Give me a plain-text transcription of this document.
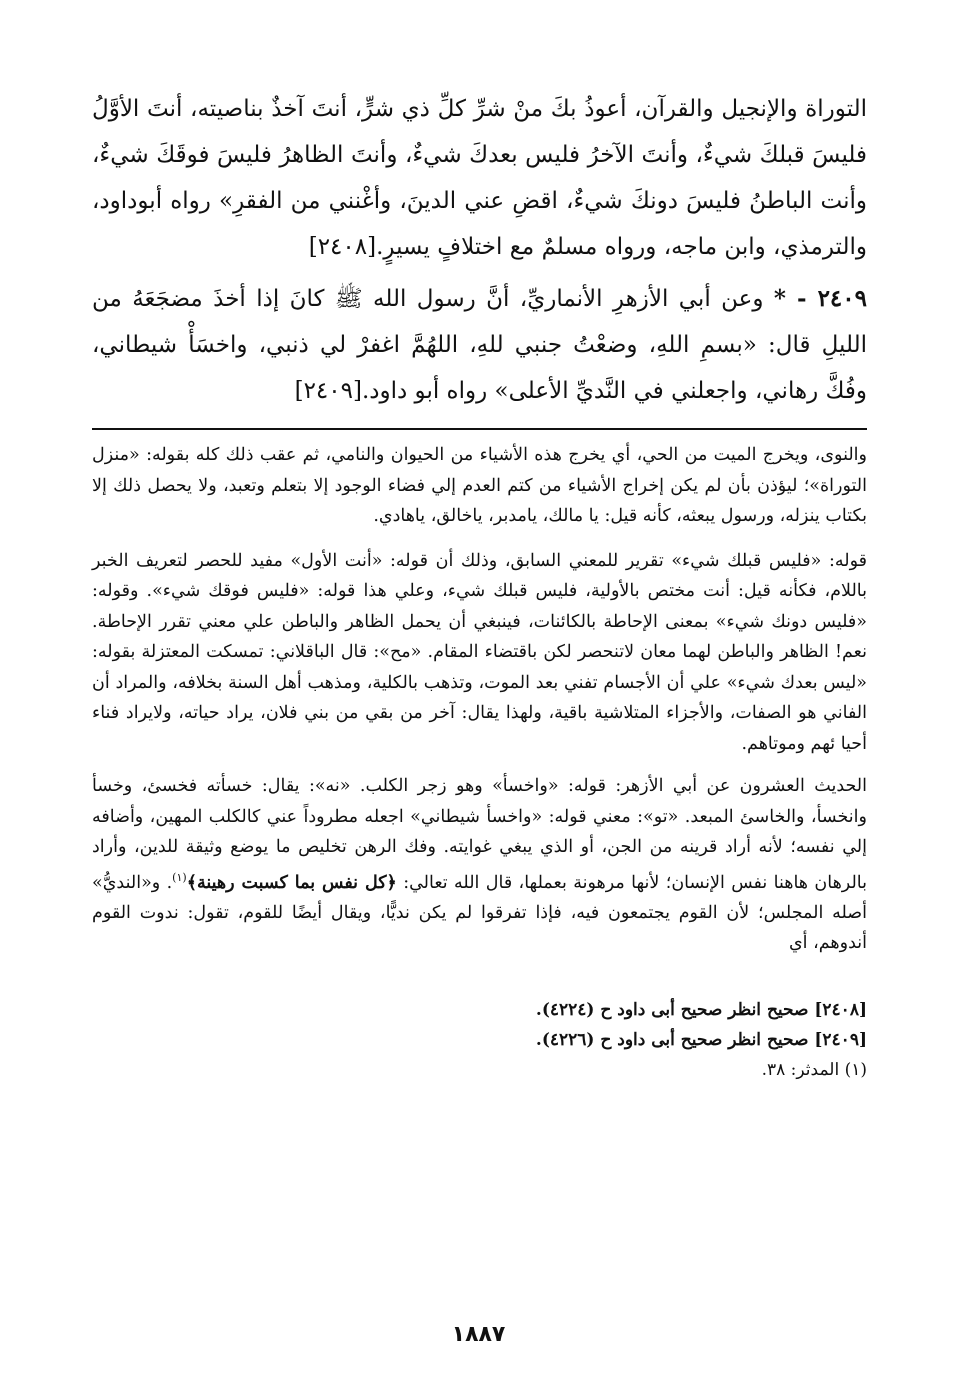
التوراة والإنجيل والقرآن، أعوذُ بكَ منْ شرِّ كلِّ ذي شرٍّ، أنتَ آخذٌ بناصيته، أنتَ الأوَّلُ فليسَ قبلكَ شيءٌ، وأنتَ الآخرُ فليس بعدكَ شيءٌ، وأنتَ الظاهرُ فليسَ فوقَكَ شيءٌ، وأنت الباطنُ فليسَ دونكَ شيءٌ، اقضِ عني الدينَ، وأغْنني من الفقرِ» رواه أبوداود، والترمذي، وابن ماجه، ورواه مسلمٌ مع اختلافٍ يسيرٍ.[٢٤٠٨]

٢٤٠٩ - * وعن أبي الأزهرِ الأنماريِّ، أنَّ رسول الله ﷺ كانَ إذا أخذَ مضجَعَهُ من الليلِ قال: «بسمِ اللهِ، وضعْتُ جنبي للهِ، اللهُمَّ اغفرْ لي ذنبي، واخسَأْ شيطاني، وفُكَّ رهاني، واجعلني في النَّديِّ الأعلى» رواه أبو داود.[٢٤٠٩]

والنوى، ويخرج الميت من الحي، أي يخرج هذه الأشياء من الحيوان والنامي، ثم عقب ذلك كله بقوله: «منزل التوراة»؛ ليؤذن بأن لم يكن إخراج الأشياء من كتم العدم إلي فضاء الوجود إلا بتعلم وتعبد، ولا يحصل ذلك إلا بكتاب ينزله، ورسول يبعثه، كأنه قيل: يا مالك، يامدبر، ياخالق، ياهادي.

قوله: «فليس قبلك شيء» تقرير للمعني السابق، وذلك أن قوله: «أنت الأول» مفيد للحصر لتعريف الخبر باللام، فكأنه قيل: أنت مختص بالأولية، فليس قبلك شيء، وعلي هذا قوله: «فليس فوقك شيء». وقوله: «فليس دونك شيء» بمعنى الإحاطة بالكائنات، فينبغي أن يحمل الظاهر والباطن علي معني تقرر الإحاطة. نعم! الظاهر والباطن لهما معان لاتنحصر لكن باقتضاء المقام. «مح»: قال الباقلاني: تمسكت المعتزلة بقوله: «ليس بعدك شيء» علي أن الأجسام تفني بعد الموت، وتذهب بالكلية، ومذهب أهل السنة بخلافه، والمراد أن الفاني هو الصفات، والأجزاء المتلاشية باقية، ولهذا يقال: آخر من بقي من بني فلان، يراد حياته، ولايراد فناء أحيا ئهم وموتاهم.

الحديث العشرون عن أبي الأزهر: قوله: «واخسأ» وهو زجر الكلب. «نه»: يقال: خسأته فخسئ، وخسأ وانخسأ، والخاسئ المبعد. «تو»: معني قوله: «واخسأ شيطاني» اجعله مطروداً عني كالكلب المهين، وأضافه إلي نفسه؛ لأنه أراد قرينه من الجن، أو الذي يبغي غوايته. وفك الرهن تخليص ما يوضع وثيقة للدين، وأراد بالرهان هاهنا نفس الإنسان؛ لأنها مرهونة بعملها، قال الله تعالي: ﴿كل نفس بما كسبت رهينة﴾$^{(١)}$. و«النديُّ» أصله المجلس؛ لأن القوم يجتمعون فيه، فإذا تفرقوا لم يكن نديًّا، ويقال أيضًا للقوم، تقول: ندوت القوم أندوهم، أي

[٢٤٠٨] صحيح انظر صحيح أبى داود ح (٤٢٢٤).

[٢٤٠٩] صحيح انظر صحيح أبى داود ح (٤٢٢٦).

(١) المدثر: ٣٨.

١٨٨٧
